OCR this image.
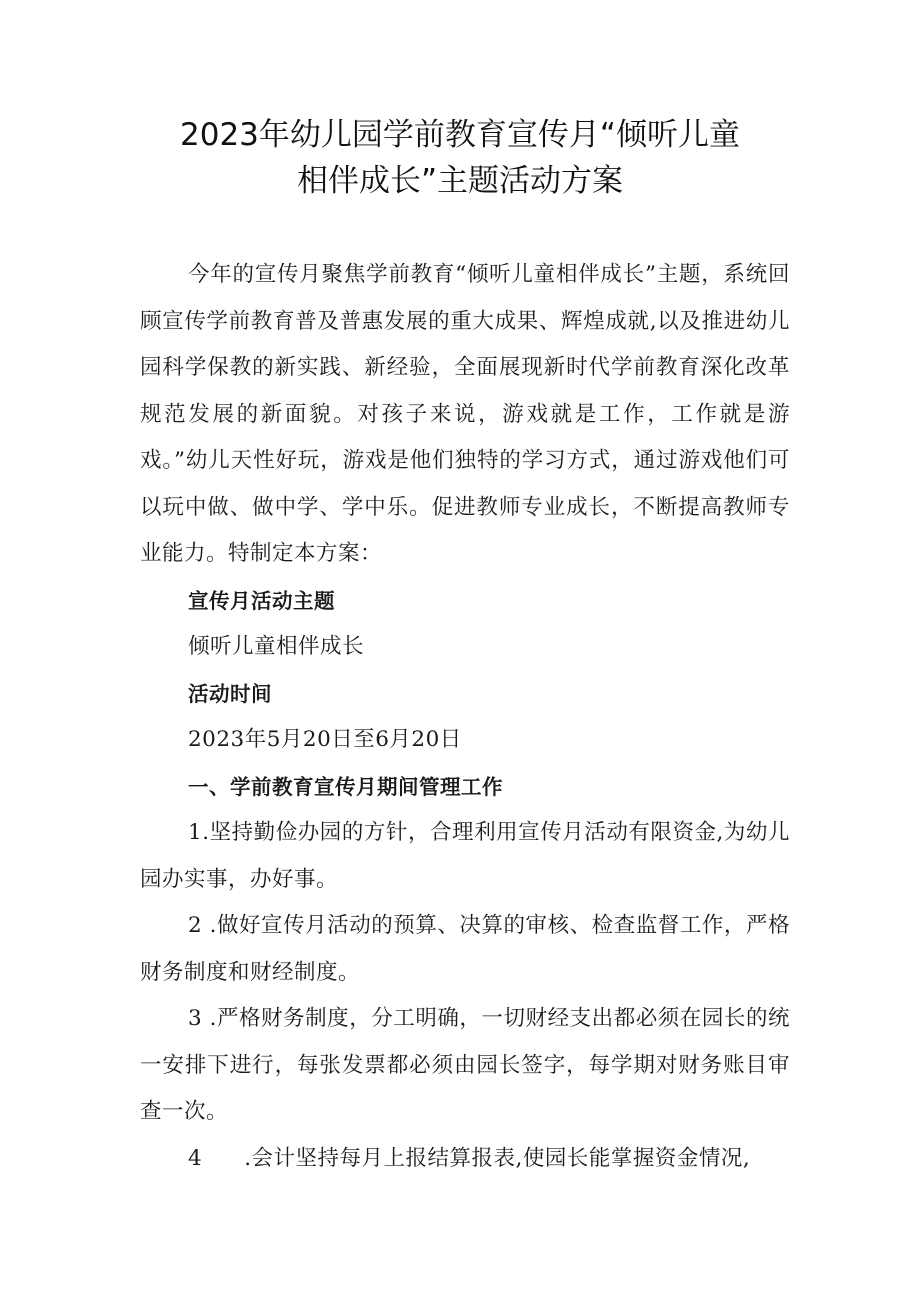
2023年幼儿园学前教育宣传月“倾听儿童
相伴成长”主题活动方案

今年的宣传月聚焦学前教育“倾听儿童相伴成长”主题，系统回顾宣传学前教育普及普惠发展的重大成果、辉煌成就,以及推进幼儿园科学保教的新实践、新经验，全面展现新时代学前教育深化改革规范发展的新面貌。对孩子来说，游戏就是工作，工作就是游戏。”幼儿天性好玩，游戏是他们独特的学习方式，通过游戏他们可以玩中做、做中学、学中乐。促进教师专业成长，不断提高教师专业能力。特制定本方案：

宣传月活动主题

倾听儿童相伴成长

活动时间

2023年5月20日至6月20日

一、学前教育宣传月期间管理工作

1.坚持勤俭办园的方针，合理利用宣传月活动有限资金,为幼儿园办实事，办好事。

2 .做好宣传月活动的预算、决算的审核、检查监督工作，严格财务制度和财经制度。

3 .严格财务制度，分工明确，一切财经支出都必须在园长的统一安排下进行，每张发票都必须由园长签字，每学期对财务账目审查一次。

4 .会计坚持每月上报结算报表,使园长能掌握资金情况,
